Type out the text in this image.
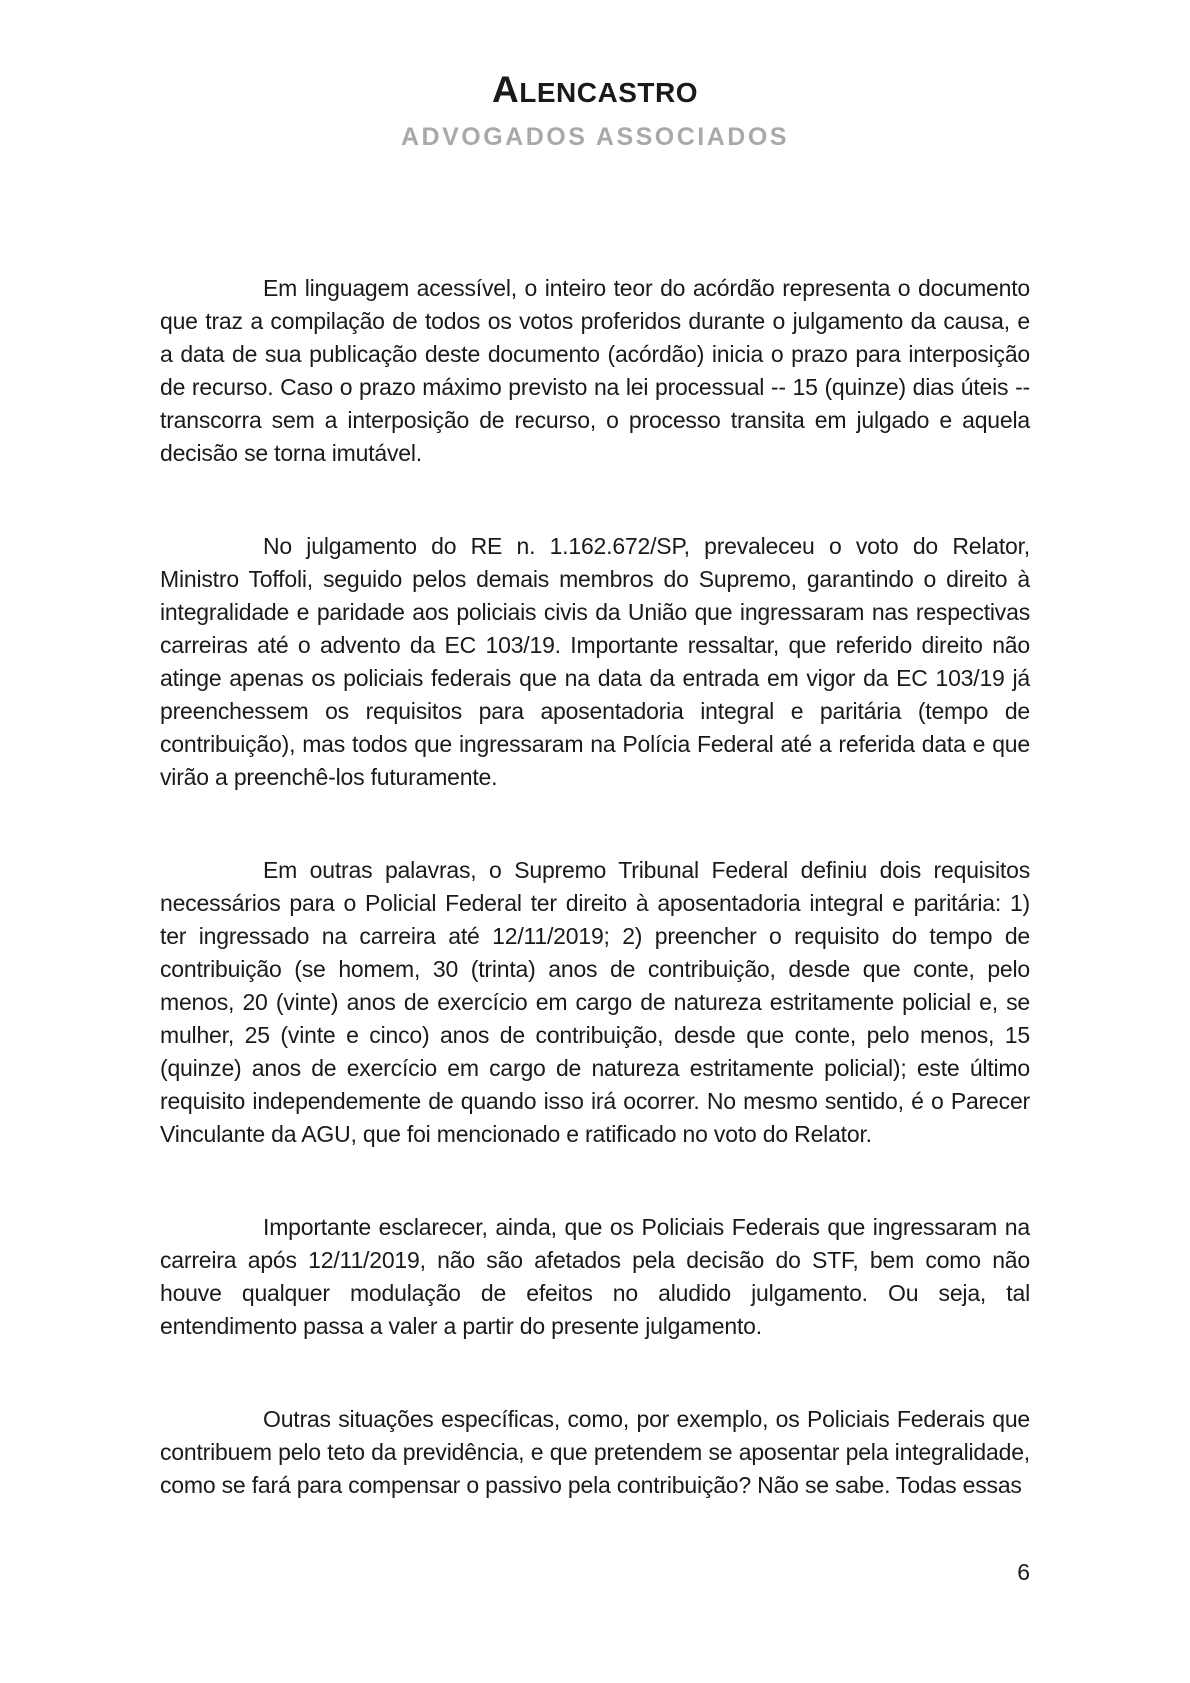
ALENCASTRO
ADVOGADOS ASSOCIADOS

Em linguagem acessível, o inteiro teor do acórdão representa o documento que traz a compilação de todos os votos proferidos durante o julgamento da causa, e a data de sua publicação deste documento (acórdão) inicia o prazo para interposição de recurso. Caso o prazo máximo previsto na lei processual -- 15 (quinze) dias úteis -- transcorra sem a interposição de recurso, o processo transita em julgado e aquela decisão se torna imutável.

No julgamento do RE n. 1.162.672/SP, prevaleceu o voto do Relator, Ministro Toffoli, seguido pelos demais membros do Supremo, garantindo o direito à integralidade e paridade aos policiais civis da União que ingressaram nas respectivas carreiras até o advento da EC 103/19. Importante ressaltar, que referido direito não atinge apenas os policiais federais que na data da entrada em vigor da EC 103/19 já preenchessem os requisitos para aposentadoria integral e paritária (tempo de contribuição), mas todos que ingressaram na Polícia Federal até a referida data e que virão a preenchê-los futuramente.

Em outras palavras, o Supremo Tribunal Federal definiu dois requisitos necessários para o Policial Federal ter direito à aposentadoria integral e paritária: 1) ter ingressado na carreira até 12/11/2019; 2) preencher o requisito do tempo de contribuição (se homem, 30 (trinta) anos de contribuição, desde que conte, pelo menos, 20 (vinte) anos de exercício em cargo de natureza estritamente policial e, se mulher, 25 (vinte e cinco) anos de contribuição, desde que conte, pelo menos, 15 (quinze) anos de exercício em cargo de natureza estritamente policial); este último requisito independemente de quando isso irá ocorrer. No mesmo sentido, é o Parecer Vinculante da AGU, que foi mencionado e ratificado no voto do Relator.

Importante esclarecer, ainda, que os Policiais Federais que ingressaram na carreira após 12/11/2019, não são afetados pela decisão do STF, bem como não houve qualquer modulação de efeitos no aludido julgamento. Ou seja, tal entendimento passa a valer a partir do presente julgamento.

Outras situações específicas, como, por exemplo, os Policiais Federais que contribuem pelo teto da previdência, e que pretendem se aposentar pela integralidade, como se fará para compensar o passivo pela contribuição? Não se sabe. Todas essas

6
